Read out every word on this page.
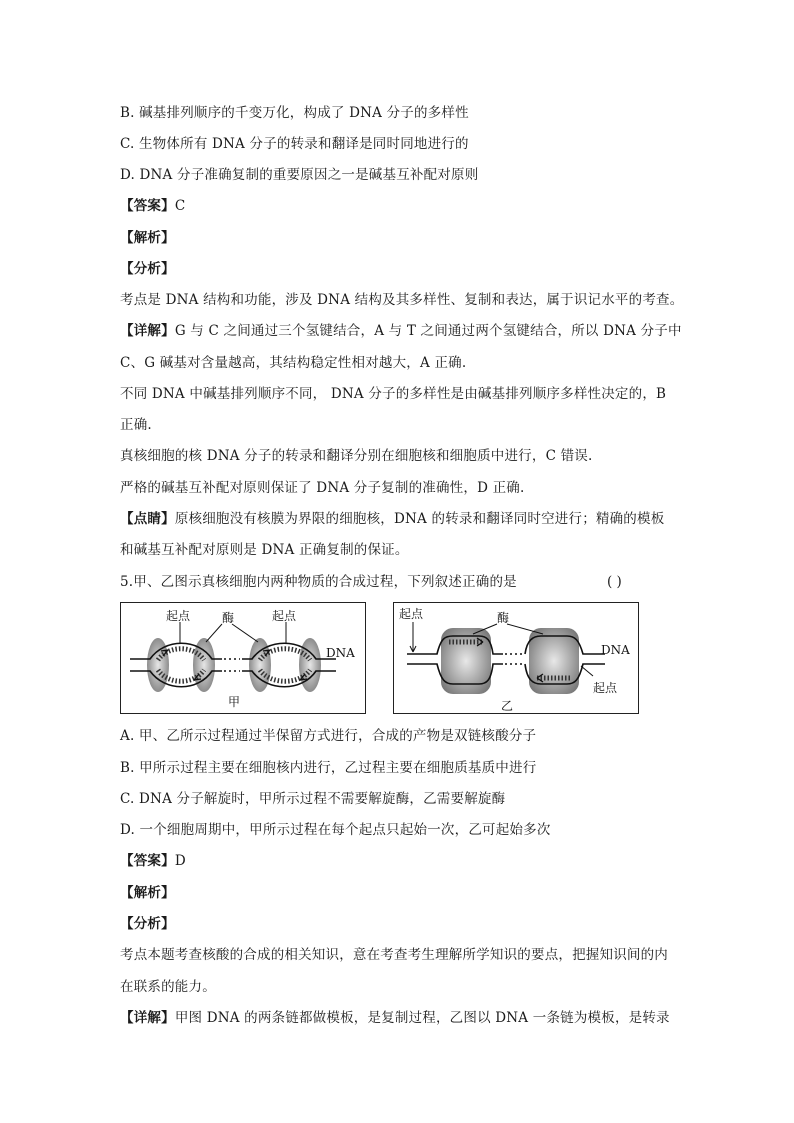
B. 碱基排列顺序的千变万化，构成了 DNA 分子的多样性
C. 生物体所有 DNA 分子的转录和翻译是同时同地进行的
D. DNA 分子准确复制的重要原因之一是碱基互补配对原则
【答案】C
【解析】
【分析】
考点是 DNA 结构和功能，涉及 DNA 结构及其多样性、复制和表达，属于识记水平的考查。
【详解】G 与 C 之间通过三个氢键结合，A 与 T 之间通过两个氢键结合，所以 DNA 分子中
C、G 碱基对含量越高，其结构稳定性相对越大，A 正确.
不同 DNA 中碱基排列顺序不同， DNA 分子的多样性是由碱基排列顺序多样性决定的，B
正确.
真核细胞的核 DNA 分子的转录和翻译分别在细胞核和细胞质中进行，C 错误.
严格的碱基互补配对原则保证了 DNA 分子复制的准确性，D 正确.
【点睛】原核细胞没有核膜为界限的细胞核，DNA 的转录和翻译同时空进行；精确的模板
和碱基互补配对原则是 DNA 正确复制的保证。
5.甲、乙图示真核细胞内两种物质的合成过程，下列叙述正确的是	( )
起点	起点
酶
DNA
甲
起点	酶
DNA
起点
乙
A. 甲、乙所示过程通过半保留方式进行，合成的产物是双链核酸分子
B. 甲所示过程主要在细胞核内进行，乙过程主要在细胞质基质中进行
C. DNA 分子解旋时，甲所示过程不需要解旋酶，乙需要解旋酶
D. 一个细胞周期中，甲所示过程在每个起点只起始一次，乙可起始多次
【答案】D
【解析】
【分析】
考点本题考查核酸的合成的相关知识，意在考查考生理解所学知识的要点，把握知识间的内
在联系的能力。
【详解】甲图 DNA 的两条链都做模板，是复制过程，乙图以 DNA 一条链为模板，是转录
